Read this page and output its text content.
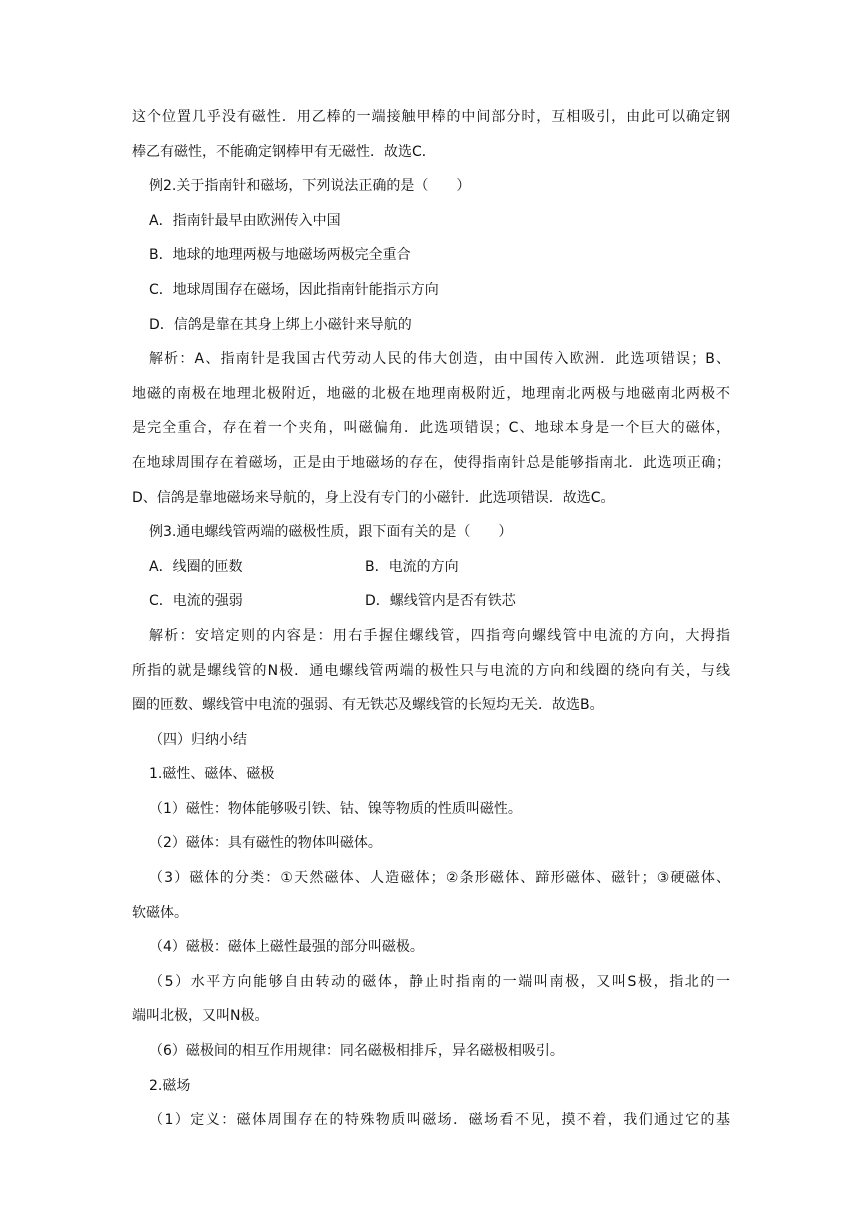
这个位置几乎没有磁性．用乙棒的一端接触甲棒的中间部分时，互相吸引，由此可以确定钢
棒乙有磁性，不能确定钢棒甲有无磁性．故选C．
例2.关于指南针和磁场，下列说法正确的是（　　）
A．指南针最早由欧洲传入中国
B．地球的地理两极与地磁场两极完全重合
C．地球周围存在磁场，因此指南针能指示方向
D．信鸽是靠在其身上绑上小磁针来导航的
解析：A、指南针是我国古代劳动人民的伟大创造，由中国传入欧洲．此选项错误；B、
地磁的南极在地理北极附近，地磁的北极在地理南极附近，地理南北两极与地磁南北两极不
是完全重合，存在着一个夹角，叫磁偏角．此选项错误；C、地球本身是一个巨大的磁体，
在地球周围存在着磁场，正是由于地磁场的存在，使得指南针总是能够指南北．此选项正确；
D、信鸽是靠地磁场来导航的，身上没有专门的小磁针．此选项错误．故选C。
例3.通电螺线管两端的磁极性质，跟下面有关的是（　　）
A．线圈的匝数	B．电流的方向
C．电流的强弱	D．螺线管内是否有铁芯
解析：安培定则的内容是：用右手握住螺线管，四指弯向螺线管中电流的方向，大拇指
所指的就是螺线管的N极．通电螺线管两端的极性只与电流的方向和线圈的绕向有关，与线
圈的匝数、螺线管中电流的强弱、有无铁芯及螺线管的长短均无关．故选B。
（四）归纳小结
1.磁性、磁体、磁极
（1）磁性：物体能够吸引铁、钴、镍等物质的性质叫磁性。
（2）磁体：具有磁性的物体叫磁体。
（3）磁体的分类：①天然磁体、人造磁体；②条形磁体、蹄形磁体、磁针；③硬磁体、
软磁体。
（4）磁极：磁体上磁性最强的部分叫磁极。
（5）水平方向能够自由转动的磁体，静止时指南的一端叫南极，又叫S极，指北的一
端叫北极，又叫N极。
（6）磁极间的相互作用规律：同名磁极相排斥，异名磁极相吸引。
2.磁场
（1）定义：磁体周围存在的特殊物质叫磁场．磁场看不见，摸不着，我们通过它的基
